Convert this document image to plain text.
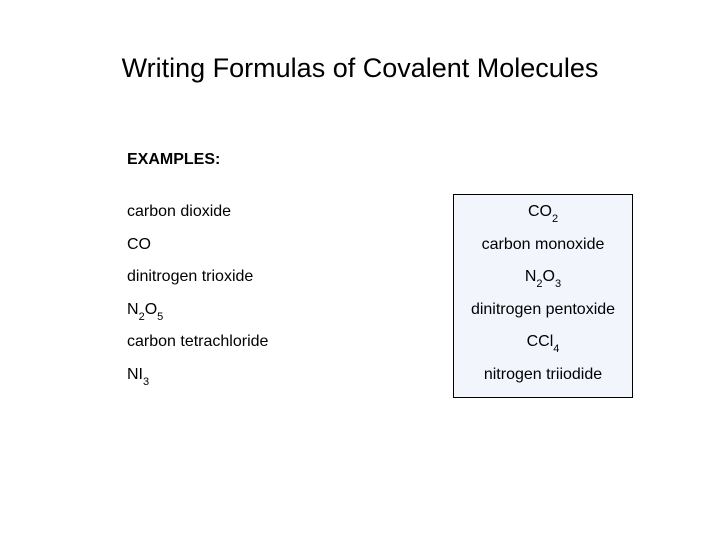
Writing Formulas of Covalent Molecules
EXAMPLES:
carbon dioxide
CO
dinitrogen trioxide
$N_2O_5$
carbon tetrachloride
$NI_3$
$CO_2$
carbon monoxide
$N_2O_3$
dinitrogen pentoxide
CCl$_4$
nitrogen triiodide
